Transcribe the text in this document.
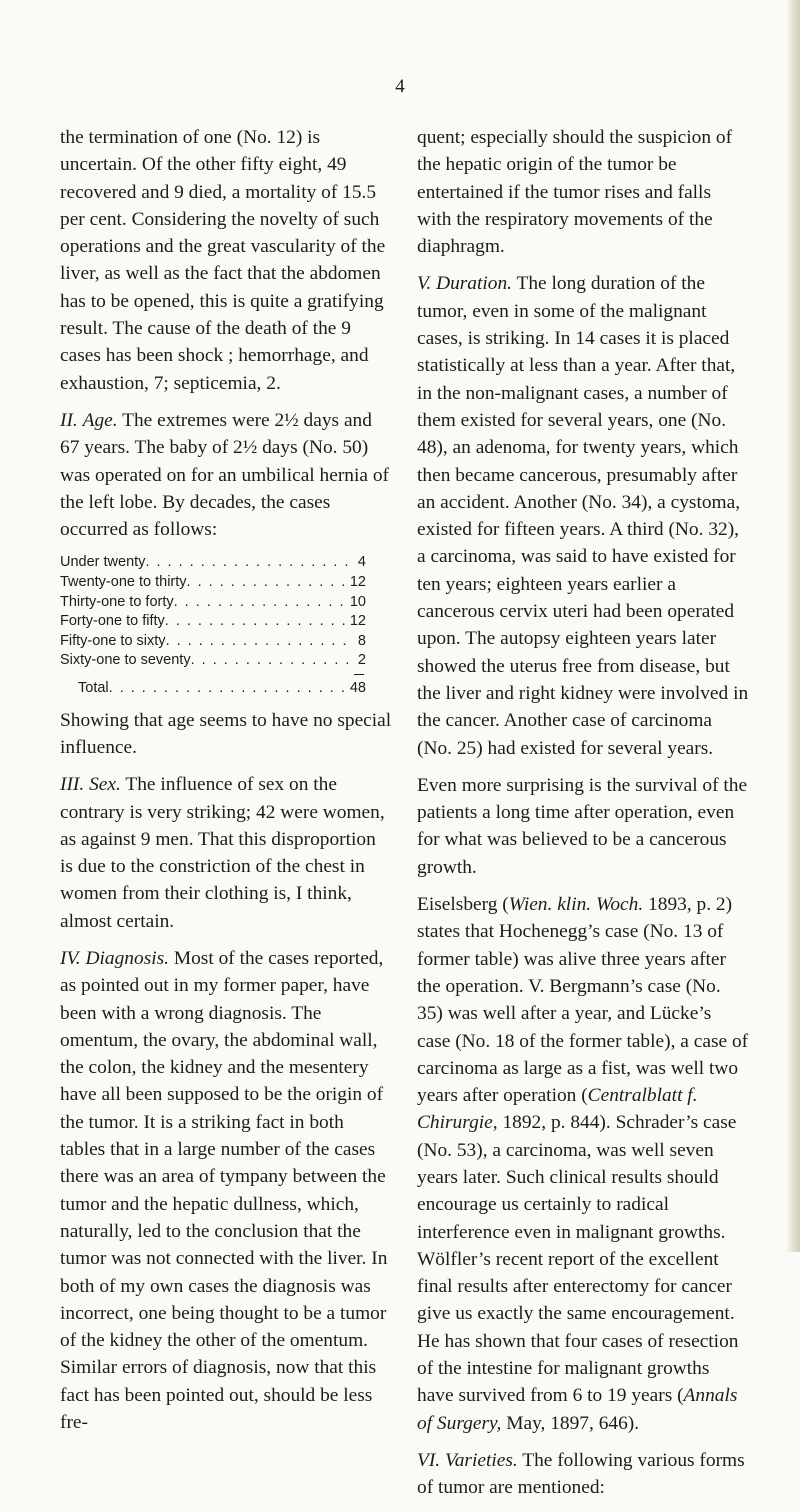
4

the termination of one (No. 12) is uncertain. Of the other fifty eight, 49 recovered and 9 died, a mortality of 15.5 per cent. Considering the novelty of such operations and the great vascularity of the liver, as well as the fact that the abdomen has to be opened, this is quite a gratifying result. The cause of the death of the 9 cases has been shock ; hemorrhage, and exhaustion, 7; septicemia, 2.

II. Age. The extremes were 2½ days and 67 years. The baby of 2½ days (No. 50) was operated on for an umbilical hernia of the left lobe. By decades, the cases occurred as follows:

Under twenty . . .	4
Twenty-one to thirty . . .	12
Thirty-one to forty . . .	10
Forty-one to fifty . . .	12
Fifty-one to sixty . . .	8
Sixty-one to seventy . . .	2
Total . . .	48

Showing that age seems to have no special influence.

III. Sex. The influence of sex on the contrary is very striking; 42 were women, as against 9 men. That this disproportion is due to the constriction of the chest in women from their clothing is, I think, almost certain.

IV. Diagnosis. Most of the cases reported, as pointed out in my former paper, have been with a wrong diagnosis. The omentum, the ovary, the abdominal wall, the colon, the kidney and the mesentery have all been supposed to be the origin of the tumor. It is a striking fact in both tables that in a large number of the cases there was an area of tympany between the tumor and the hepatic dullness, which, naturally, led to the conclusion that the tumor was not connected with the liver. In both of my own cases the diagnosis was incorrect, one being thought to be a tumor of the kidney the other of the omentum. Similar errors of diagnosis, now that this fact has been pointed out, should be less fre-

quent; especially should the suspicion of the hepatic origin of the tumor be entertained if the tumor rises and falls with the respiratory movements of the diaphragm.

V. Duration. The long duration of the tumor, even in some of the malignant cases, is striking. In 14 cases it is placed statistically at less than a year. After that, in the non-malignant cases, a number of them existed for several years, one (No. 48), an adenoma, for twenty years, which then became cancerous, presumably after an accident. Another (No. 34), a cystoma, existed for fifteen years. A third (No. 32), a carcinoma, was said to have existed for ten years; eighteen years earlier a cancerous cervix uteri had been operated upon. The autopsy eighteen years later showed the uterus free from disease, but the liver and right kidney were involved in the cancer. Another case of carcinoma (No. 25) had existed for several years.

Even more surprising is the survival of the patients a long time after operation, even for what was believed to be a cancerous growth.

Eiselsberg (Wien. klin. Woch. 1893, p. 2) states that Hochenegg’s case (No. 13 of former table) was alive three years after the operation. V. Bergmann’s case (No. 35) was well after a year, and Lücke’s case (No. 18 of the former table), a case of carcinoma as large as a fist, was well two years after operation (Centralblatt f. Chirurgie, 1892, p. 844). Schrader’s case (No. 53), a carcinoma, was well seven years later. Such clinical results should encourage us certainly to radical interference even in malignant growths. Wölfler’s recent report of the excellent final results after enterectomy for cancer give us exactly the same encouragement. He has shown that four cases of resection of the intestine for malignant growths have survived from 6 to 19 years (Annals of Surgery, May, 1897, 646).

VI. Varieties. The following various forms of tumor are mentioned:
